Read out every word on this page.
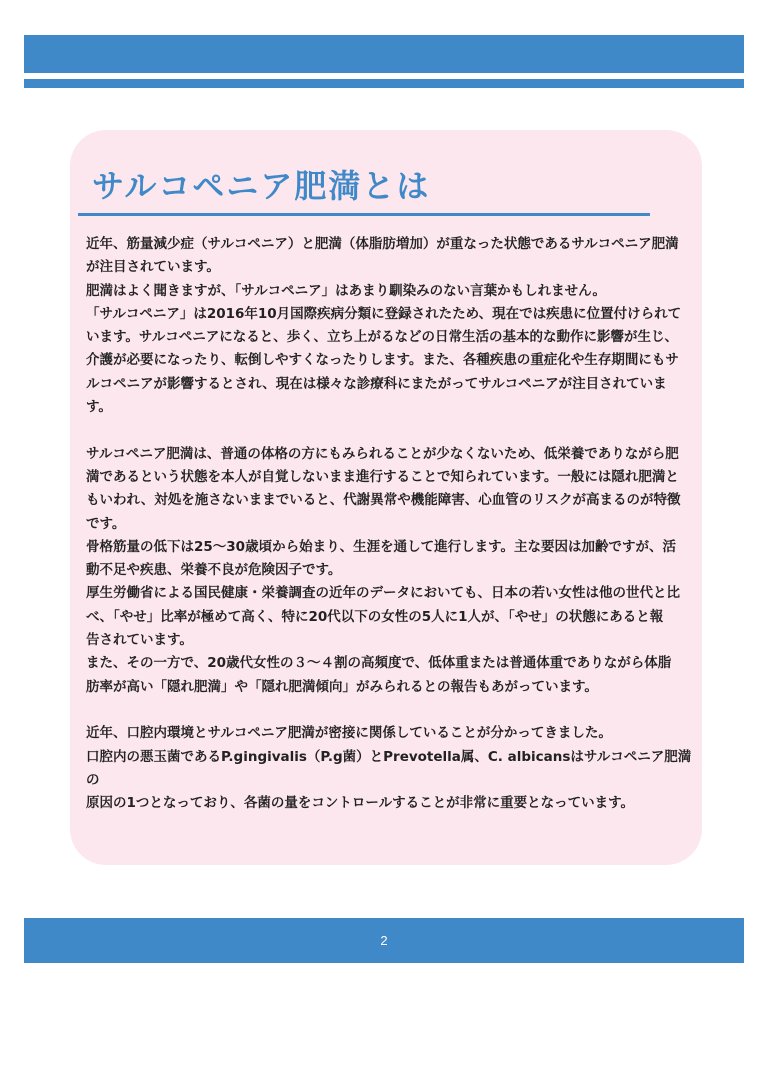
サルコペニア肥満とは

近年、筋量減少症（サルコペニア）と肥満（体脂肪増加）が重なった状態であるサルコペニア肥満
が注目されています。
肥満はよく聞きますが、「サルコペニア」はあまり馴染みのない言葉かもしれません。
「サルコペニア」は2016年10月国際疾病分類に登録されたため、現在では疾患に位置付けられて
います。サルコペニアになると、歩く、立ち上がるなどの日常生活の基本的な動作に影響が生じ、
介護が必要になったり、転倒しやすくなったりします。また、各種疾患の重症化や生存期間にもサ
ルコペニアが影響するとされ、現在は様々な診療科にまたがってサルコペニアが注目されています。

サルコペニア肥満は、普通の体格の方にもみられることが少なくないため、低栄養でありながら肥
満であるという状態を本人が自覚しないまま進行することで知られています。一般には隠れ肥満と
もいわれ、対処を施さないままでいると、代謝異常や機能障害、心血管のリスクが高まるのが特徴
です。
骨格筋量の低下は25～30歳頃から始まり、生涯を通して進行します。主な要因は加齢ですが、活
動不足や疾患、栄養不良が危険因子です。
厚生労働省による国民健康・栄養調査の近年のデータにおいても、日本の若い女性は他の世代と比
べ、「やせ」比率が極めて高く、特に20代以下の女性の5人に1人が、「やせ」の状態にあると報
告されています。
また、その一方で、20歳代女性の３～４割の高頻度で、低体重または普通体重でありながら体脂
肪率が高い「隠れ肥満」や「隠れ肥満傾向」がみられるとの報告もあがっています。

近年、口腔内環境とサルコペニア肥満が密接に関係していることが分かってきました。
口腔内の悪玉菌であるP.gingivalis（P.g菌）とPrevotella属、C. albicansはサルコペニア肥満の
原因の1つとなっており、各菌の量をコントロールすることが非常に重要となっています。

2
